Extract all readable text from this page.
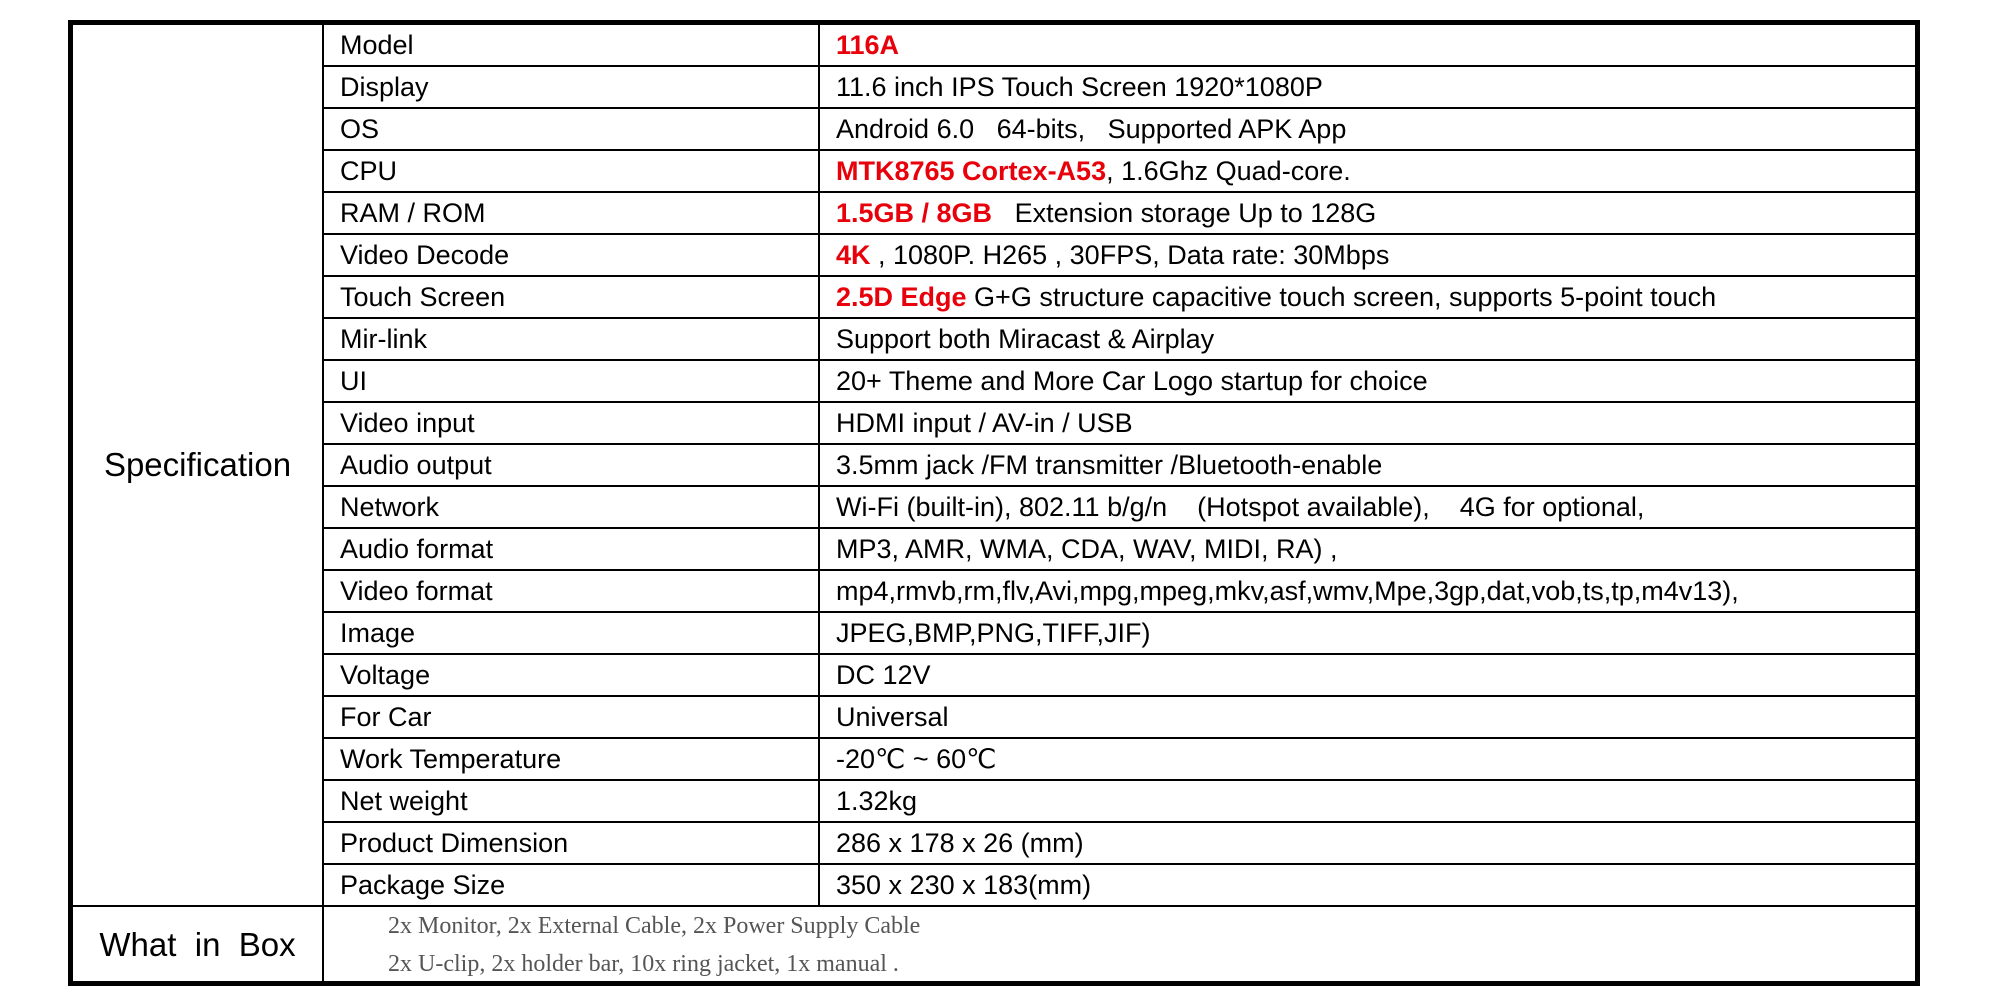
Specification	Model	116A
	Display	11.6 inch IPS Touch Screen 1920*1080P
	OS	Android 6.0   64-bits,   Supported APK App
	CPU	MTK8765 Cortex-A53, 1.6Ghz Quad-core.
	RAM / ROM	1.5GB / 8GB   Extension storage Up to 128G
	Video Decode	4K , 1080P. H265 , 30FPS, Data rate: 30Mbps
	Touch Screen	2.5D Edge G+G structure capacitive touch screen, supports 5-point touch
	Mir-link	Support both Miracast & Airplay
	UI	20+ Theme and More Car Logo startup for choice
	Video input	HDMI input / AV-in / USB
	Audio output	3.5mm jack /FM transmitter /Bluetooth-enable
	Network	Wi-Fi (built-in), 802.11 b/g/n    (Hotspot available),    4G for optional,
	Audio format	MP3, AMR, WMA, CDA, WAV, MIDI, RA) ,
	Video format	mp4,rmvb,rm,flv,Avi,mpg,mpeg,mkv,asf,wmv,Mpe,3gp,dat,vob,ts,tp,m4v13),
	Image	JPEG,BMP,PNG,TIFF,JIF)
	Voltage	DC 12V
	For Car	Universal
	Work Temperature	-20℃ ~ 60℃
	Net weight	1.32kg
	Product Dimension	286 x 178 x 26 (mm)
	Package Size	350 x 230 x 183(mm)
What  in  Box	2x Monitor, 2x External Cable, 2x Power Supply Cable
2x U-clip, 2x holder bar, 10x ring jacket, 1x manual .	
